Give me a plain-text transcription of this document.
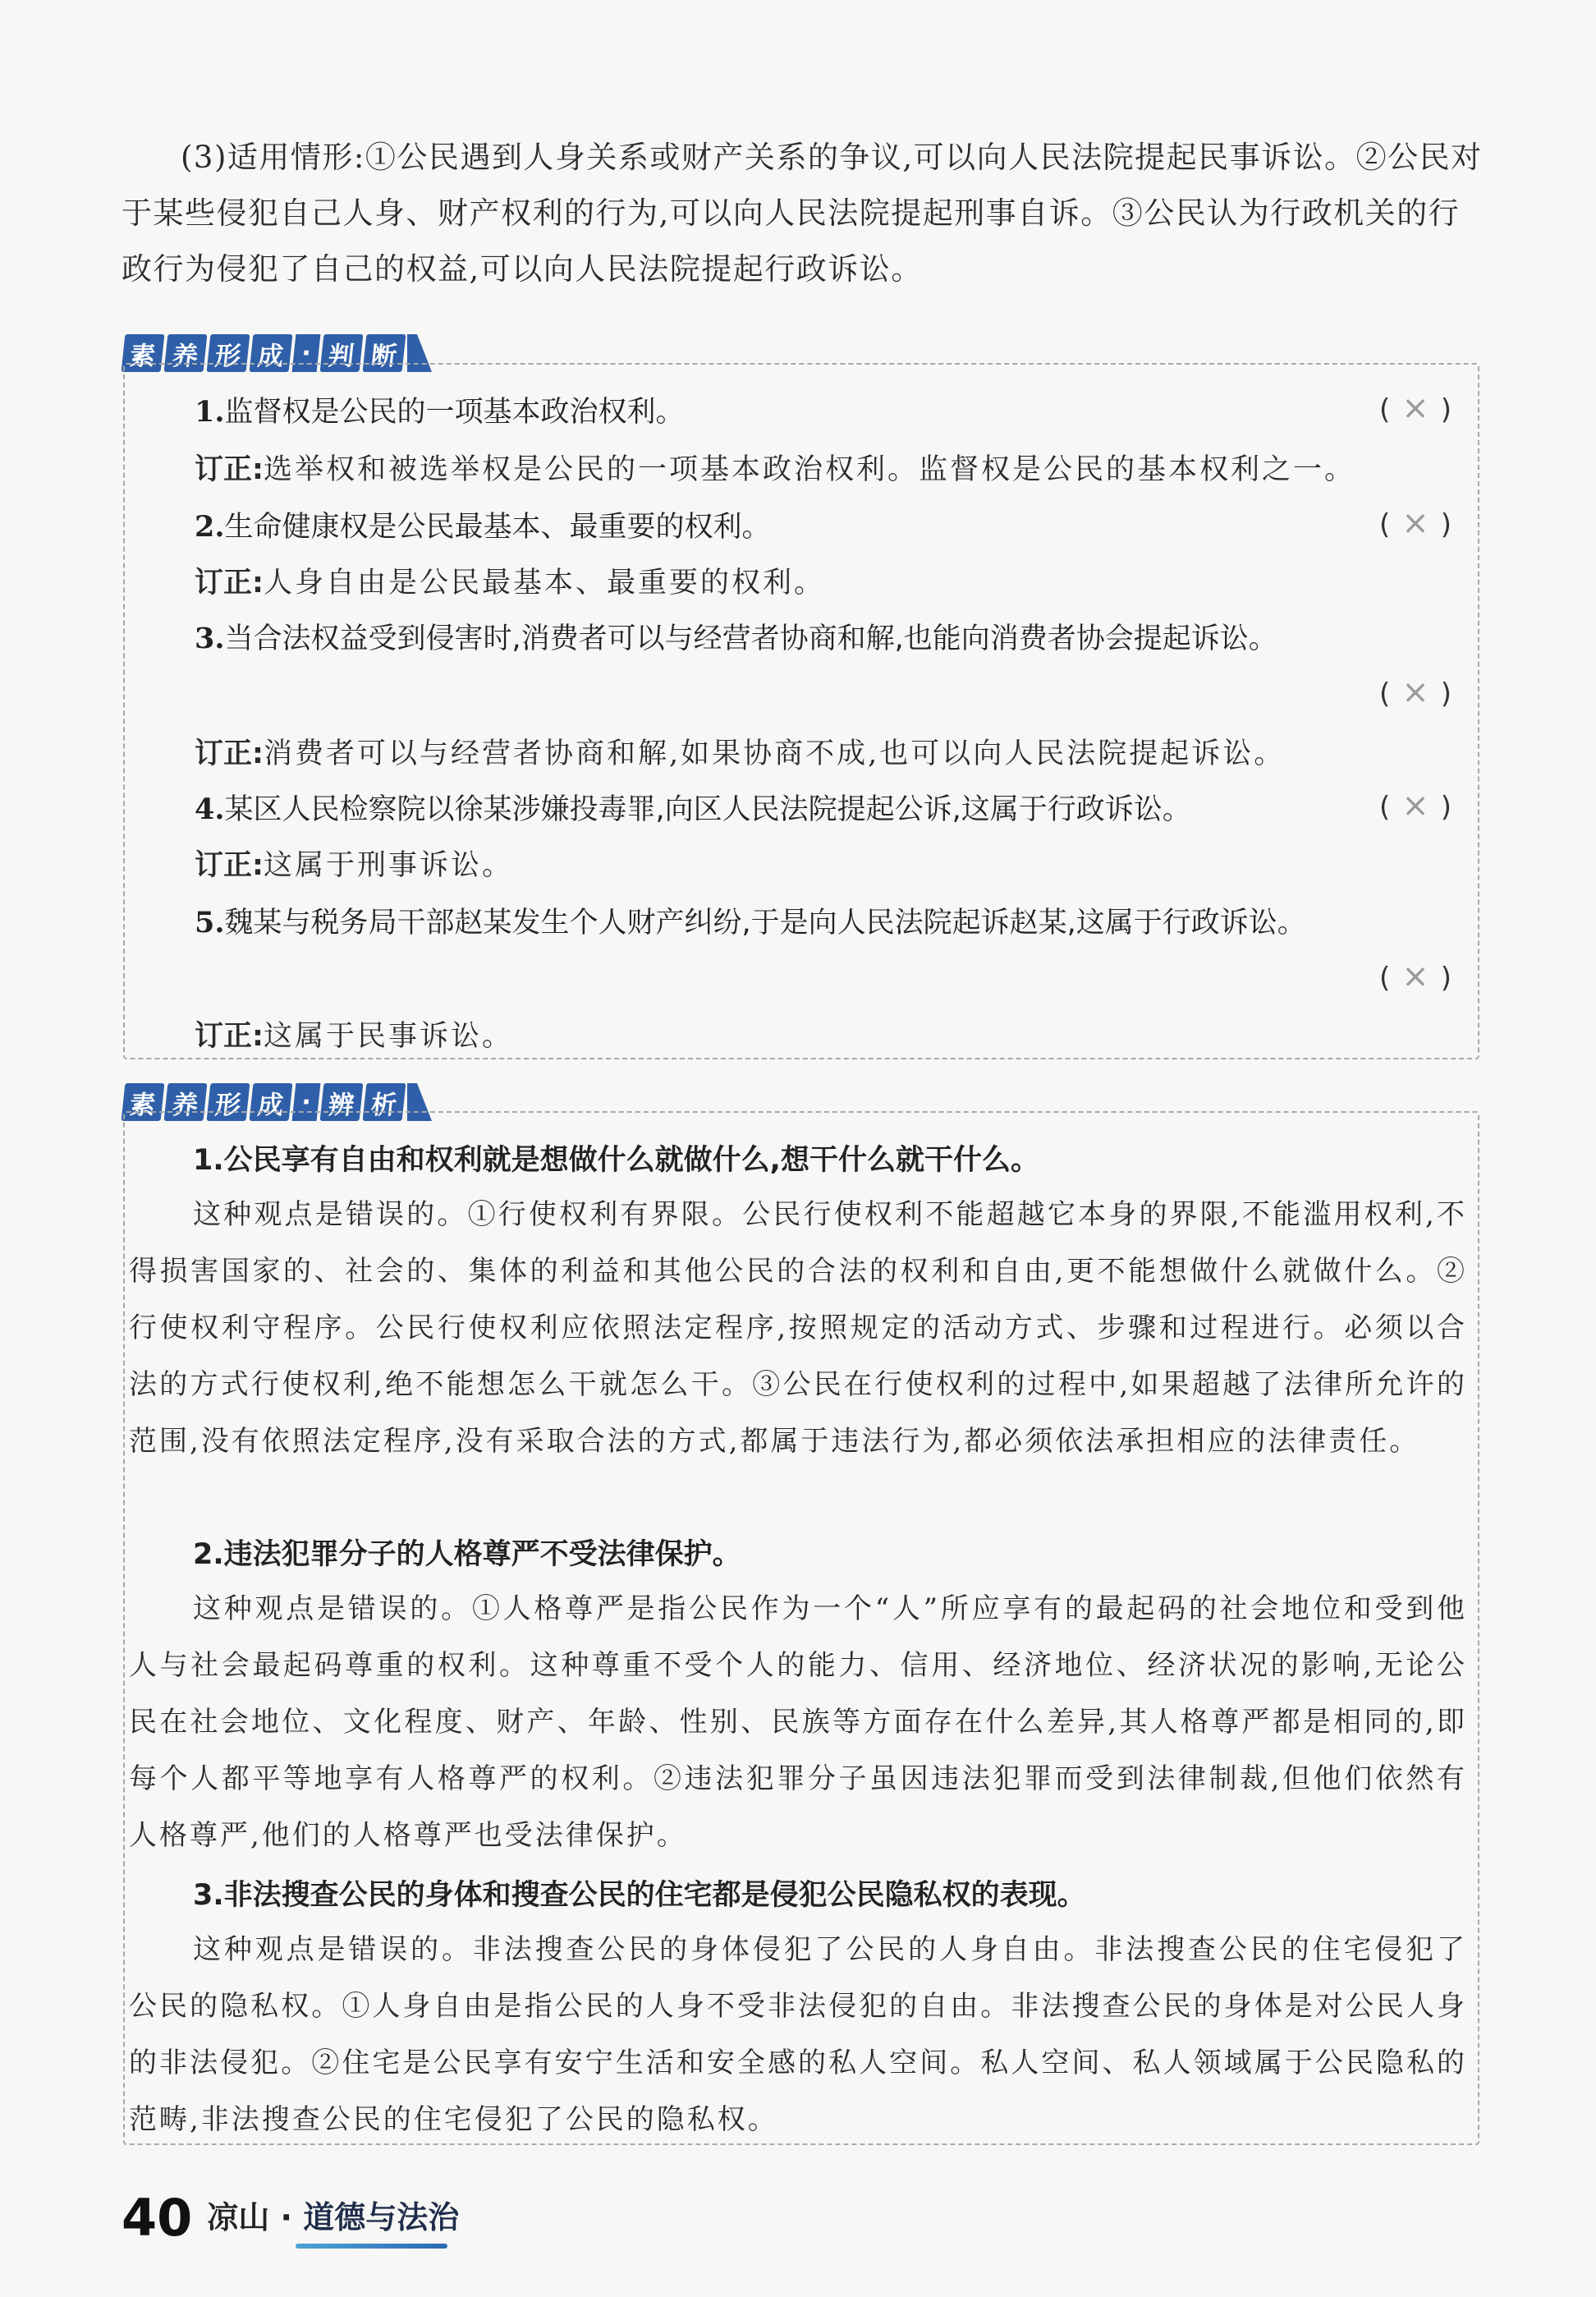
(3)适用情形:①公民遇到人身关系或财产关系的争议,可以向人民法院提起民事诉讼。②公民对于某些侵犯自己人身、财产权利的行为,可以向人民法院提起刑事自诉。③公民认为行政机关的行政行为侵犯了自己的权益,可以向人民法院提起行政诉讼。

素 养 形 成 · 判 断
1.监督权是公民的一项基本政治权利。	(×)
订正:选举权和被选举权是公民的一项基本政治权利。监督权是公民的基本权利之一。
2.生命健康权是公民最基本、最重要的权利。	(×)
订正:人身自由是公民最基本、最重要的权利。
3.当合法权益受到侵害时,消费者可以与经营者协商和解,也能向消费者协会提起诉讼。
(×)
订正:消费者可以与经营者协商和解,如果协商不成,也可以向人民法院提起诉讼。
4.某区人民检察院以徐某涉嫌投毒罪,向区人民法院提起公诉,这属于行政诉讼。	(×)
订正:这属于刑事诉讼。
5.魏某与税务局干部赵某发生个人财产纠纷,于是向人民法院起诉赵某,这属于行政诉讼。
(×)
订正:这属于民事诉讼。
素 养 形 成 · 辨 析
1.公民享有自由和权利就是想做什么就做什么,想干什么就干什么。

这种观点是错误的。①行使权利有界限。公民行使权利不能超越它本身的界限,不能滥用权利,不得损害国家的、社会的、集体的利益和其他公民的合法的权利和自由,更不能想做什么就做什么。②行使权利守程序。公民行使权利应依照法定程序,按照规定的活动方式、步骤和过程进行。必须以合法的方式行使权利,绝不能想怎么干就怎么干。③公民在行使权利的过程中,如果超越了法律所允许的范围,没有依照法定程序,没有采取合法的方式,都属于违法行为,都必须依法承担相应的法律责任。

2.违法犯罪分子的人格尊严不受法律保护。

这种观点是错误的。①人格尊严是指公民作为一个“人”所应享有的最起码的社会地位和受到他人与社会最起码尊重的权利。这种尊重不受个人的能力、信用、经济地位、经济状况的影响,无论公民在社会地位、文化程度、财产、年龄、性别、民族等方面存在什么差异,其人格尊严都是相同的,即每个人都平等地享有人格尊严的权利。②违法犯罪分子虽因违法犯罪而受到法律制裁,但他们依然有人格尊严,他们的人格尊严也受法律保护。

3.非法搜查公民的身体和搜查公民的住宅都是侵犯公民隐私权的表现。

这种观点是错误的。非法搜查公民的身体侵犯了公民的人身自由。非法搜查公民的住宅侵犯了公民的隐私权。①人身自由是指公民的人身不受非法侵犯的自由。非法搜查公民的身体是对公民人身的非法侵犯。②住宅是公民享有安宁生活和安全感的私人空间。私人空间、私人领域属于公民隐私的范畴,非法搜查公民的住宅侵犯了公民的隐私权。

40 凉山 · 道德与法治
